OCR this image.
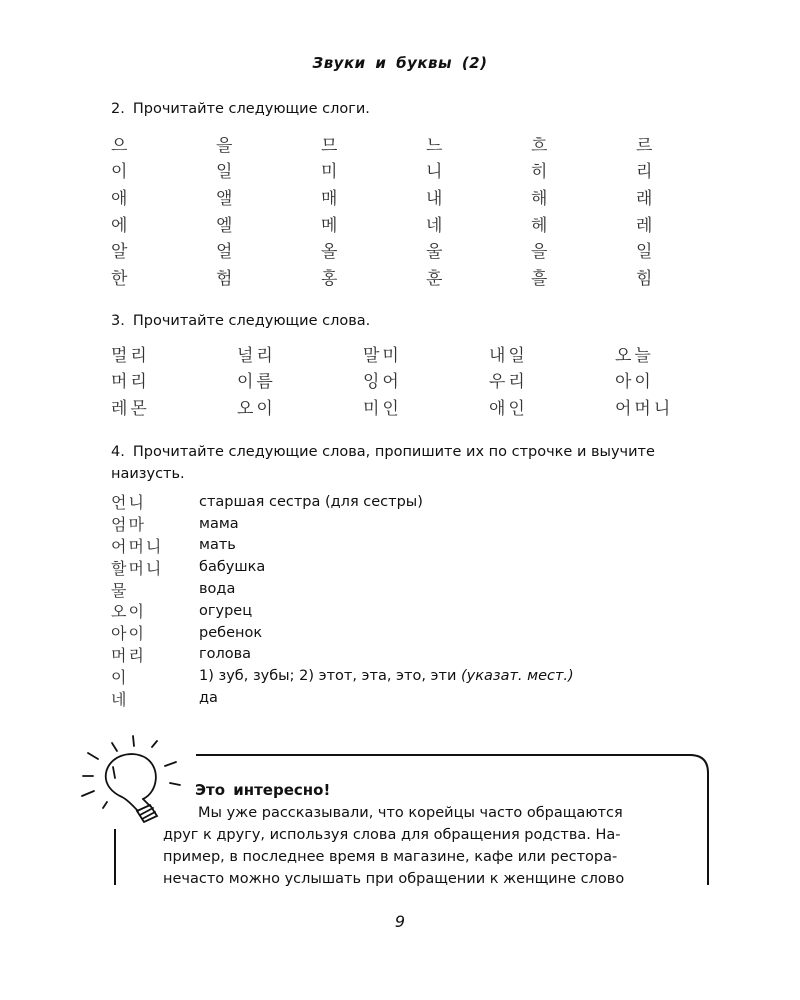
Звуки и буквы (2)
2. Прочитайте следующие слоги.
으	을	므	느	흐	르
이	일	미	니	히	리
애	앨	매	내	해	래
에	엘	메	네	헤	레
알	얼	올	울	을	일
한	험	홍	훈	흘	힘
3. Прочитайте следующие слова.
멀리	널리	말미	내일	오늘
머리	이름	잉어	우리	아이
레몬	오이	미인	애인	어머니
4. Прочитайте следующие слова, пропишите их по строчке и выучите
наизусть.
언니	старшая сестра (для сестры)
엄마	мама
어머니	мать
할머니	бабушка
물	вода
오이	огурец
아이	ребенок
머리	голова
이	1) зуб, зубы; 2) этот, эта, это, эти (указат. мест.)
네	да
Это интересно!
Мы уже рассказывали, что корейцы часто обращаются
друг к другу, используя слова для обращения родства. На-
пример, в последнее время в магазине, кафе или ресторa-
нечасто можно услышать при обращении к женщине слово
9
